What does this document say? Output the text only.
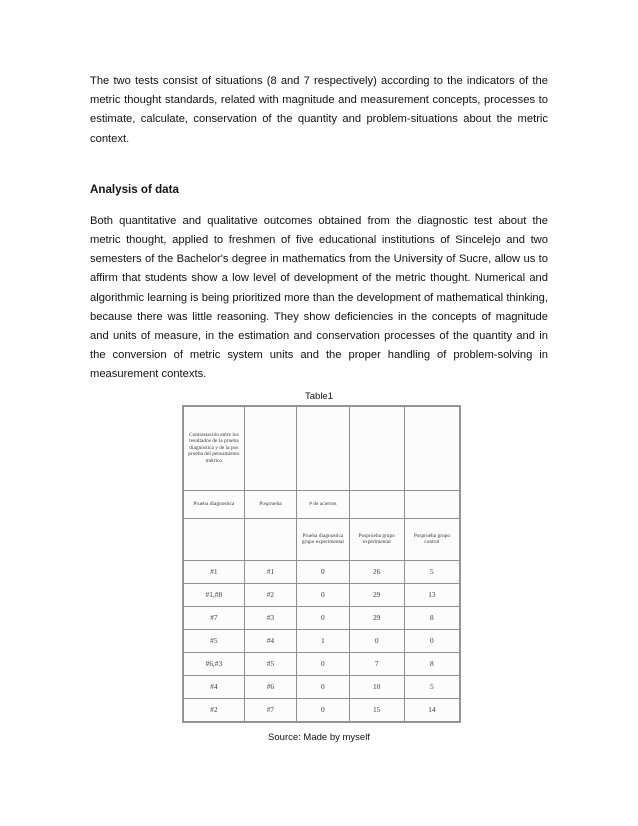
The two tests consist of situations (8 and 7 respectively) according to the indicators of the metric thought standards, related with magnitude and measurement concepts, processes to estimate, calculate, conservation of the quantity and problem-situations about the metric context.

Analysis of data

Both quantitative and qualitative outcomes obtained from the diagnostic test about the metric thought, applied to freshmen of five educational institutions of Sincelejo and two semesters of the Bachelor's degree in mathematics from the University of Sucre, allow us to affirm that students show a low level of development of the metric thought. Numerical and algorithmic learning is being prioritized more than the development of mathematical thinking, because there was little reasoning. They show deficiencies in the concepts of magnitude and units of measure, in the estimation and conservation processes of the quantity and in the conversion of metric system units and the proper handling of problem-solving in measurement contexts.

Table1
Contrastación entre los resultados de la prueba diagnóstica y de la pos prueba del pensamiento métrico				
Prueba diagnostica	Posprueba	# de aciertos		
		Prueba diagnostica grupo experimental	Posprueba grupo experimental	Posprueba grupo control
#1	#1	0	26	5
#1,#8	#2	0	29	13
#7	#3	0	29	8
#5	#4	1	0	0
#6,#3	#5	0	7	8
#4	#6	0	10	5
#2	#7	0	15	14
Source: Made by myself
